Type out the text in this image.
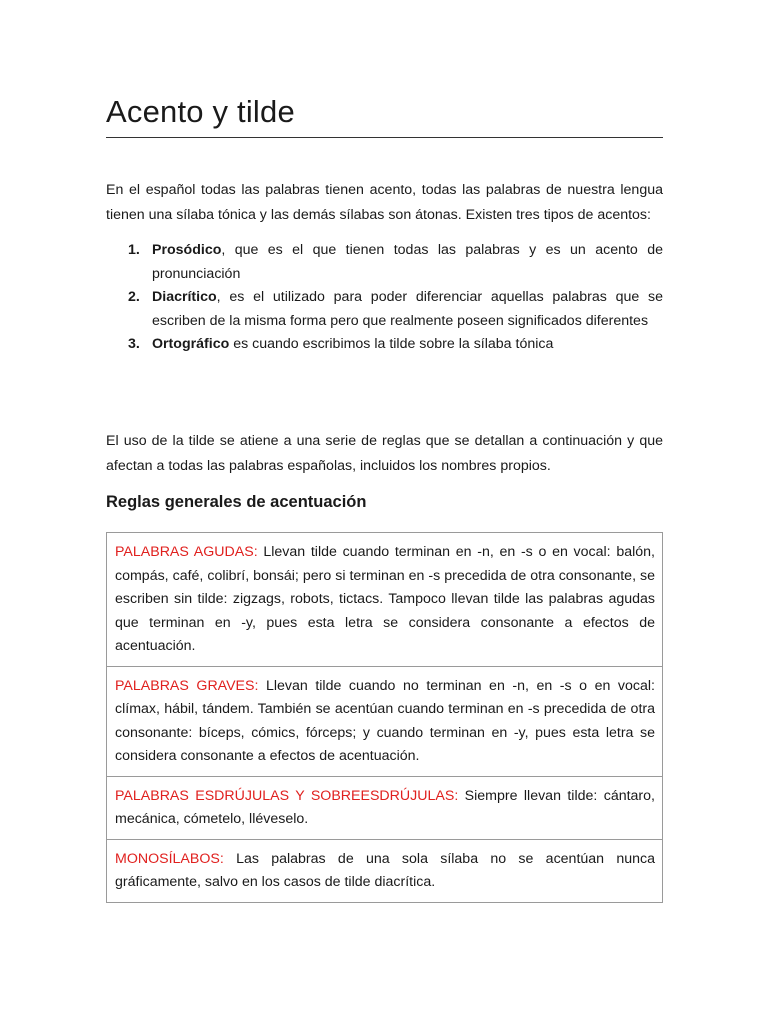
Acento y tilde

En el español todas las palabras tienen acento, todas las palabras de nuestra lengua tienen una sílaba tónica y las demás sílabas son átonas. Existen tres tipos de acentos:

1. Prosódico, que es el que tienen todas las palabras y es un acento de pronunciación
2. Diacrítico, es el utilizado para poder diferenciar aquellas palabras que se escriben de la misma forma pero que realmente poseen significados diferentes
3. Ortográfico es cuando escribimos la tilde sobre la sílaba tónica

El uso de la tilde se atiene a una serie de reglas que se detallan a continuación y que afectan a todas las palabras españolas, incluidos los nombres propios.

Reglas generales de acentuación
PALABRAS AGUDAS: Llevan tilde cuando terminan en -n, en -s o en vocal: balón, compás, café, colibrí, bonsái; pero si terminan en -s precedida de otra consonante, se escriben sin tilde: zigzags, robots, tictacs. Tampoco llevan tilde las palabras agudas que terminan en -y, pues esta letra se considera consonante a efectos de acentuación.
PALABRAS GRAVES: Llevan tilde cuando no terminan en -n, en -s o en vocal: clímax, hábil, tándem. También se acentúan cuando terminan en -s precedida de otra consonante: bíceps, cómics, fórceps; y cuando terminan en -y, pues esta letra se considera consonante a efectos de acentuación.
PALABRAS ESDRÚJULAS Y SOBREESDRÚJULAS: Siempre llevan tilde: cántaro, mecánica, cómetelo, lléveselo.
MONOSÍLABOS: Las palabras de una sola sílaba no se acentúan nunca gráficamente, salvo en los casos de tilde diacrítica.
